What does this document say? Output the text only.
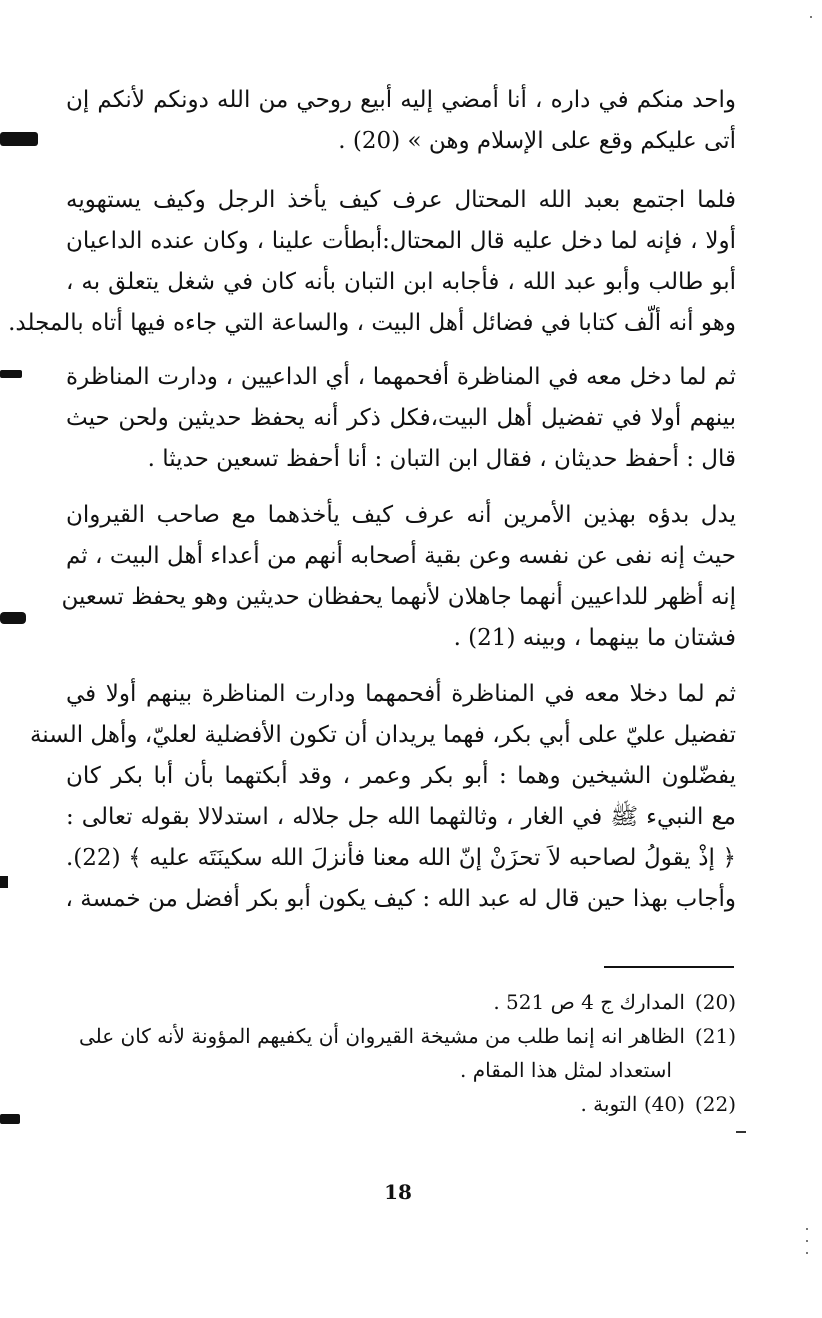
واحد منكم في داره ، أنا أمضي إليه أبيع روحي من الله دونكم لأنكم إن
أتى عليكم وقع على الإسلام وهن » (20) .
فلما اجتمع بعبد الله المحتال عرف كيف يأخذ الرجل وكيف يستهويه
أولا ، فإنه لما دخل عليه قال المحتال:أبطأت علينا ، وكان عنده الداعيان
أبو طالب وأبو عبد الله ، فأجابه ابن التبان بأنه كان في شغل يتعلق به ،
وهو أنه ألّف كتابا في فضائل أهل البيت ، والساعة التي جاءه فيها أتاه بالمجلد.
ثم لما دخل معه في المناظرة أفحمهما ، أي الداعيين ، ودارت المناظرة
بينهم أولا في تفضيل أهل البيت،فكل ذكر أنه يحفظ حديثين ولحن حيث
قال : أحفظ حديثان ، فقال ابن التبان : أنا أحفظ تسعين حديثا .
يدل بدؤه بهذين الأمرين أنه عرف كيف يأخذهما مع صاحب القيروان
حيث إنه نفى عن نفسه وعن بقية أصحابه أنهم من أعداء أهل البيت ، ثم
إنه أظهر للداعيين أنهما جاهلان لأنهما يحفظان حديثين وهو يحفظ تسعين
فشتان ما بينهما ، وبينه (21) .
ثم لما دخلا معه في المناظرة أفحمهما ودارت المناظرة بينهم أولا في
تفضيل عليّ على أبي بكر، فهما يريدان أن تكون الأفضلية لعليّ، وأهل السنة
يفضّلون الشيخين وهما : أبو بكر وعمر ، وقد أبكتهما بأن أبا بكر كان
مع النبيء ﷺ في الغار ، وثالثهما الله جل جلاله ، استدلالا بقوله تعالى :
﴿ إذْ يقولُ لصاحبه لاَ تحزَنْ إنّ الله معنا فأنزلَ الله سكينَتَه عليه ﴾ (22).
وأجاب بهذا حين قال له عبد الله : كيف يكون أبو بكر أفضل من خمسة ،
(20)المدارك ج 4 ص 521 .
(21)الظاهر انه إنما طلب من مشيخة القيروان أن يكفيهم المؤونة لأنه كان على
استعداد لمثل هذا المقام .
(22)(40) التوبة .
18
